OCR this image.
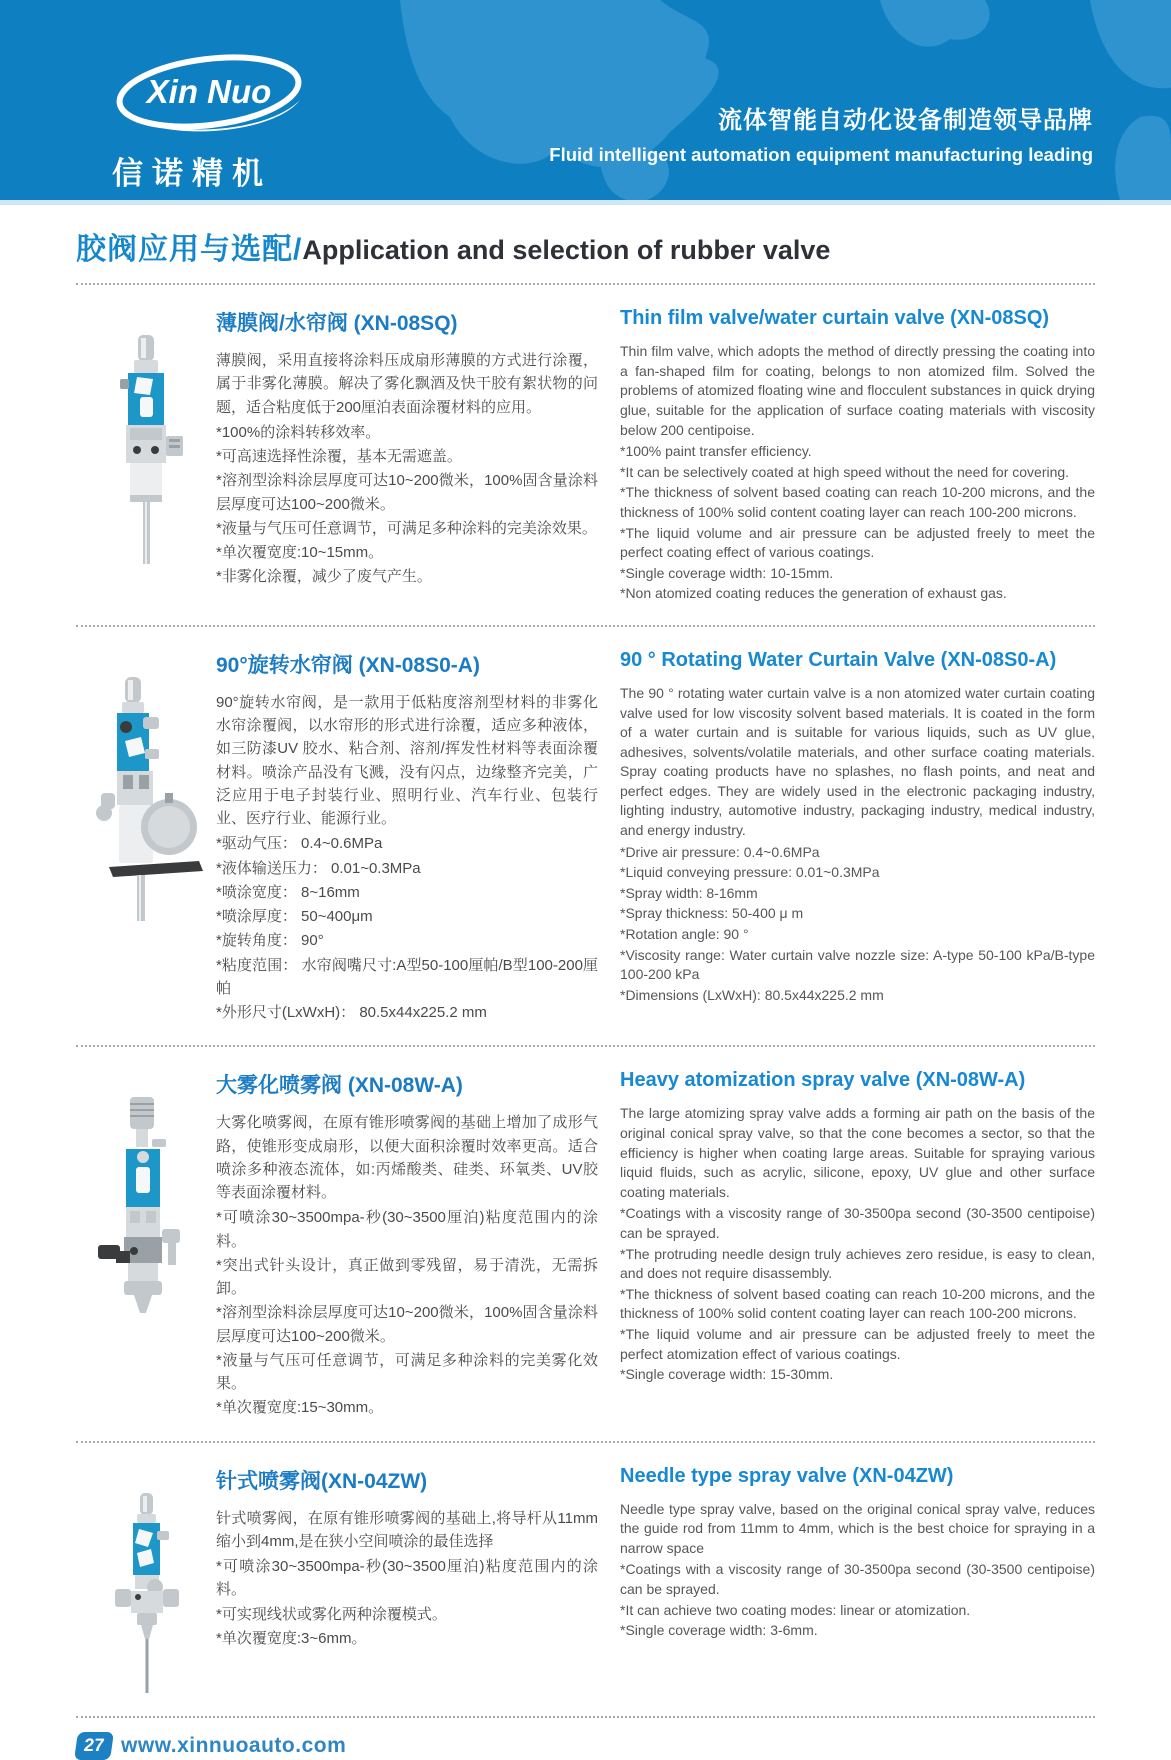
Xin Nuo
信诺精机
流体智能自动化设备制造领导品牌
Fluid intelligent automation equipment manufacturing leading
胶阀应用与选配/Application and selection of rubber valve
薄膜阀/水帘阀 (XN-08SQ)

薄膜阀，采用直接将涂料压成扇形薄膜的方式进行涂覆，属于非雾化薄膜。解决了雾化飘酒及快干胶有絮状物的问题，适合粘度低于200厘泊表面涂覆材料的应用。

*100%的涂料转移效率。

*可高速选择性涂覆，基本无需遮盖。

*溶剂型涂料涂层厚度可达10~200微米，100%固含量涂料层厚度可达100~200微米。

*液量与气压可任意调节，可满足多种涂料的完美涂效果。

*单次覆宽度:10~15mm。

*非雾化涂覆，减少了废气产生。

Thin film valve/water curtain valve (XN-08SQ)

Thin film valve, which adopts the method of directly pressing the coating into a fan-shaped film for coating, belongs to non atomized film. Solved the problems of atomized floating wine and flocculent substances in quick drying glue, suitable for the application of surface coating materials with viscosity below 200 centipoise.

*100% paint transfer efficiency.

*It can be selectively coated at high speed without the need for covering.

*The thickness of solvent based coating can reach 10-200 microns, and the thickness of 100% solid content coating layer can reach 100-200 microns.

*The liquid volume and air pressure can be adjusted freely to meet the perfect coating effect of various coatings.

*Single coverage width: 10-15mm.

*Non atomized coating reduces the generation of exhaust gas.

90°旋转水帘阀 (XN-08S0-A)

90°旋转水帘阀，是一款用于低粘度溶剂型材料的非雾化水帘涂覆阀，以水帘形的形式进行涂覆，适应多种液体，如三防漆UV 胶水、粘合剂、溶剂/挥发性材料等表面涂覆材料。喷涂产品没有飞溅，没有闪点，边缘整齐完美，广泛应用于电子封装行业、照明行业、汽车行业、包装行业、医疗行业、能源行业。

*驱动气压： 0.4~0.6MPa

*液体输送压力： 0.01~0.3MPa

*喷涂宽度： 8~16mm

*喷涂厚度： 50~400μm

*旋转角度： 90°

*粘度范围： 水帘阀嘴尺寸:A型50-100厘帕/B型100-200厘帕

*外形尺寸(LxWxH)： 80.5x44x225.2 mm

90 ° Rotating Water Curtain Valve (XN-08S0-A)

The 90 ° rotating water curtain valve is a non atomized water curtain coating valve used for low viscosity solvent based materials. It is coated in the form of a water curtain and is suitable for various liquids, such as UV glue, adhesives, solvents/volatile materials, and other surface coating materials. Spray coating products have no splashes, no flash points, and neat and perfect edges. They are widely used in the electronic packaging industry, lighting industry, automotive industry, packaging industry, medical industry, and energy industry.

*Drive air pressure: 0.4~0.6MPa

*Liquid conveying pressure: 0.01~0.3MPa

*Spray width: 8-16mm

*Spray thickness: 50-400 μ m

*Rotation angle: 90 °

*Viscosity range: Water curtain valve nozzle size: A-type 50-100 kPa/B-type 100-200 kPa

*Dimensions (LxWxH): 80.5x44x225.2 mm

大雾化喷雾阀 (XN-08W-A)

大雾化喷雾阀，在原有锥形喷雾阀的基础上增加了成形气路，使锥形变成扇形，以便大面积涂覆时效率更高。适合喷涂多种液态流体，如:丙烯酸类、硅类、环氧类、UV胶等表面涂覆材料。

*可喷涂30~3500mpa-秒(30~3500厘泊)粘度范围内的涂料。

*突出式针头设计，真正做到零残留，易于清洗，无需拆卸。

*溶剂型涂料涂层厚度可达10~200微米，100%固含量涂料层厚度可达100~200微米。

*液量与气压可任意调节，可满足多种涂料的完美雾化效果。

*单次覆宽度:15~30mm。

Heavy atomization spray valve (XN-08W-A)

The large atomizing spray valve adds a forming air path on the basis of the original conical spray valve, so that the cone becomes a sector, so that the efficiency is higher when coating large areas. Suitable for spraying various liquid fluids, such as acrylic, silicone, epoxy, UV glue and other surface coating materials.

*Coatings with a viscosity range of 30-3500pa second (30-3500 centipoise) can be sprayed.

*The protruding needle design truly achieves zero residue, is easy to clean, and does not require disassembly.

*The thickness of solvent based coating can reach 10-200 microns, and the thickness of 100% solid content coating layer can reach 100-200 microns.

*The liquid volume and air pressure can be adjusted freely to meet the perfect atomization effect of various coatings.

*Single coverage width: 15-30mm.

针式喷雾阀(XN-04ZW)

针式喷雾阀，在原有锥形喷雾阀的基础上,将导杆从11mm缩小到4mm,是在狭小空间喷涂的最佳选择

*可喷涂30~3500mpa-秒(30~3500厘泊)粘度范围内的涂料。

*可实现线状或雾化两种涂覆模式。

*单次覆宽度:3~6mm。

Needle type spray valve (XN-04ZW)

Needle type spray valve, based on the original conical spray valve, reduces the guide rod from 11mm to 4mm, which is the best choice for spraying in a narrow space

*Coatings with a viscosity range of 30-3500pa second (30-3500 centipoise) can be sprayed.

*It can achieve two coating modes: linear or atomization.

*Single coverage width: 3-6mm.

27 www.xinnuoauto.com
